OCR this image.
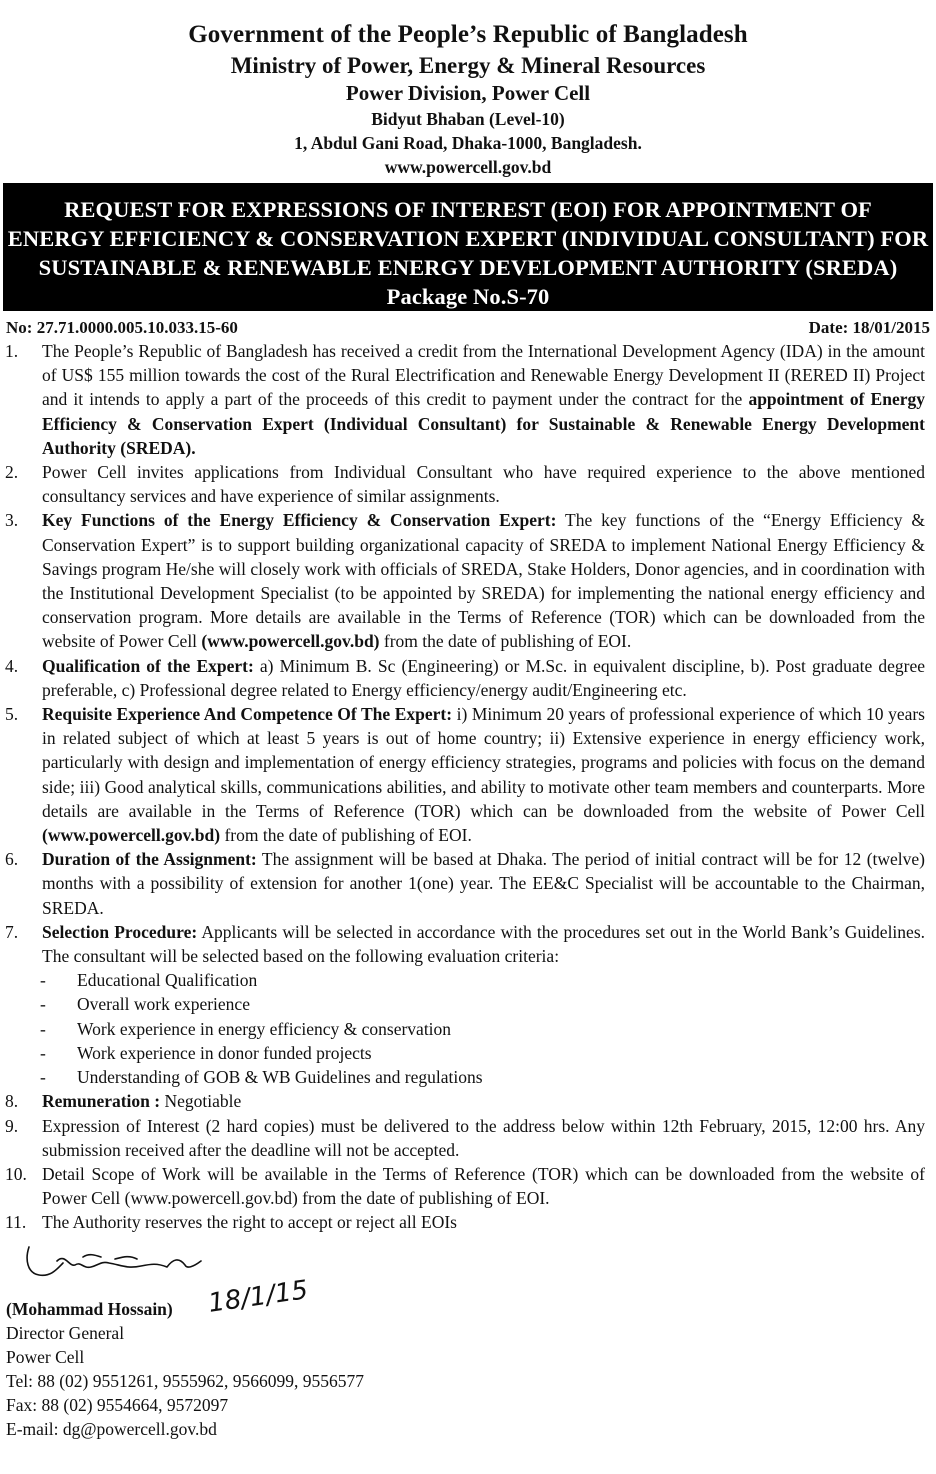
Government of the People’s Republic of Bangladesh
Ministry of Power, Energy & Mineral Resources
Power Division, Power Cell
Bidyut Bhaban (Level-10)
1, Abdul Gani Road, Dhaka-1000, Bangladesh.
www.powercell.gov.bd
REQUEST FOR EXPRESSIONS OF INTEREST (EOI) FOR APPOINTMENT OF
ENERGY EFFICIENCY & CONSERVATION EXPERT (INDIVIDUAL CONSULTANT) FOR
SUSTAINABLE & RENEWABLE ENERGY DEVELOPMENT AUTHORITY (SREDA)
Package No.S-70
No: 27.71.0000.005.10.033.15-60	Date: 18/01/2015
1.	The People’s Republic of Bangladesh has received a credit from the International Development Agency (IDA) in the amount of US$ 155 million towards the cost of the Rural Electrification and Renewable Energy Development II (RERED II) Project and it intends to apply a part of the proceeds of this credit to payment under the contract for the appointment of Energy Efficiency & Conservation Expert (Individual Consultant) for Sustainable & Renewable Energy Development Authority (SREDA).
2.	Power Cell invites applications from Individual Consultant who have required experience to the above mentioned consultancy services and have experience of similar assignments.
3.	Key Functions of the Energy Efficiency & Conservation Expert: The key functions of the “Energy Efficiency & Conservation Expert” is to support building organizational capacity of SREDA to implement National Energy Efficiency & Savings program He/she will closely work with officials of SREDA, Stake Holders, Donor agencies, and in coordination with the Institutional Development Specialist (to be appointed by SREDA) for implementing the national energy efficiency and conservation program. More details are available in the Terms of Reference (TOR) which can be downloaded from the website of Power Cell (www.powercell.gov.bd) from the date of publishing of EOI.
4.	Qualification of the Expert: a) Minimum B. Sc (Engineering) or M.Sc. in equivalent discipline, b). Post graduate degree preferable, c) Professional degree related to Energy efficiency/energy audit/Engineering etc.
5.	Requisite Experience And Competence Of The Expert: i) Minimum 20 years of professional experience of which 10 years in related subject of which at least 5 years is out of home country; ii) Extensive experience in energy efficiency work, particularly with design and implementation of energy efficiency strategies, programs and policies with focus on the demand side; iii) Good analytical skills, communications abilities, and ability to motivate other team members and counterparts. More details are available in the Terms of Reference (TOR) which can be downloaded from the website of Power Cell (www.powercell.gov.bd) from the date of publishing of EOI.
6.	Duration of the Assignment: The assignment will be based at Dhaka. The period of initial contract will be for 12 (twelve) months with a possibility of extension for another 1(one) year. The EE&C Specialist will be accountable to the Chairman, SREDA.
7.	Selection Procedure: Applicants will be selected in accordance with the procedures set out in the World Bank’s Guidelines. The consultant will be selected based on the following evaluation criteria:
-	Educational Qualification
-	Overall work experience
-	Work experience in energy efficiency & conservation
-	Work experience in donor funded projects
-	Understanding of GOB & WB Guidelines and regulations
8.	Remuneration : Negotiable
9.	Expression of Interest (2 hard copies) must be delivered to the address below within 12th February, 2015, 12:00 hrs. Any submission received after the deadline will not be accepted.
10. Detail Scope of Work will be available in the Terms of Reference (TOR) which can be downloaded from the website of Power Cell (www.powercell.gov.bd) from the date of publishing of EOI.
11. The Authority reserves the right to accept or reject all EOIs
(Mohammad Hossain) 18/1/15
Director General
Power Cell
Tel: 88 (02) 9551261, 9555962, 9566099, 9556577
Fax: 88 (02) 9554664, 9572097
E-mail: dg@powercell.gov.bd
